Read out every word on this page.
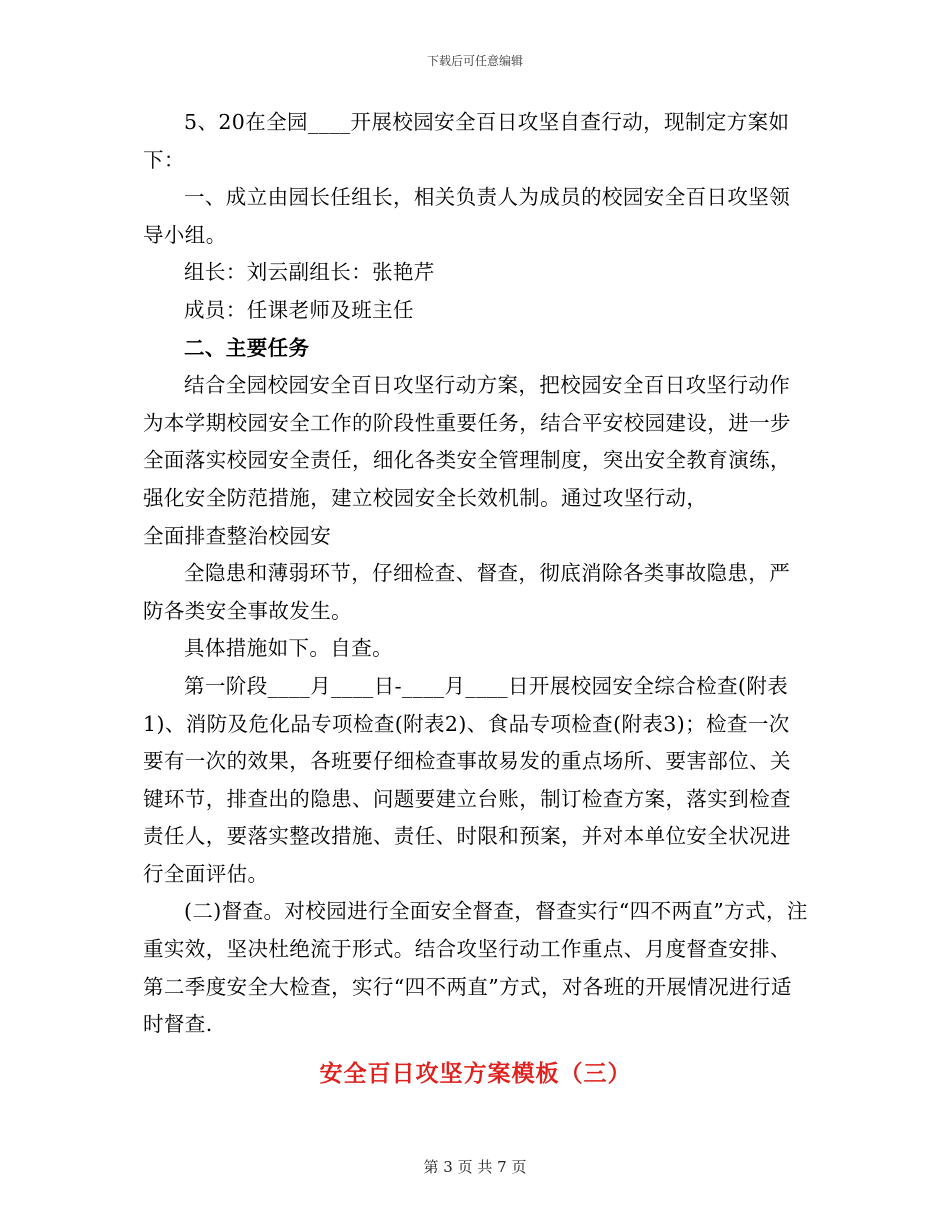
下载后可任意编辑

5、20在全园____开展校园安全百日攻坚自查行动，现制定方案如下：

一、成立由园长任组长，相关负责人为成员的校园安全百日攻坚领导小组。

组长：刘云副组长：张艳芹

成员：任课老师及班主任

二、主要任务

结合全园校园安全百日攻坚行动方案，把校园安全百日攻坚行动作为本学期校园安全工作的阶段性重要任务，结合平安校园建设，进一步全面落实校园安全责任，细化各类安全管理制度，突出安全教育演练，强化安全防范措施，建立校园安全长效机制。通过攻坚行动，

全面排查整治校园安

全隐患和薄弱环节，仔细检查、督查，彻底消除各类事故隐患，严防各类安全事故发生。

具体措施如下。自查。

第一阶段____月____日-____月____日开展校园安全综合检查(附表1)、消防及危化品专项检查(附表2)、食品专项检查(附表3)；检查一次要有一次的效果，各班要仔细检查事故易发的重点场所、要害部位、关键环节，排查出的隐患、问题要建立台账，制订检查方案，落实到检查责任人，要落实整改措施、责任、时限和预案，并对本单位安全状况进行全面评估。

(二)督查。对校园进行全面安全督查，督查实行“四不两直”方式，注重实效，坚决杜绝流于形式。结合攻坚行动工作重点、月度督查安排、第二季度安全大检查，实行“四不两直”方式，对各班的开展情况进行适时督查.

安全百日攻坚方案模板（三）
第 3 页 共 7 页
